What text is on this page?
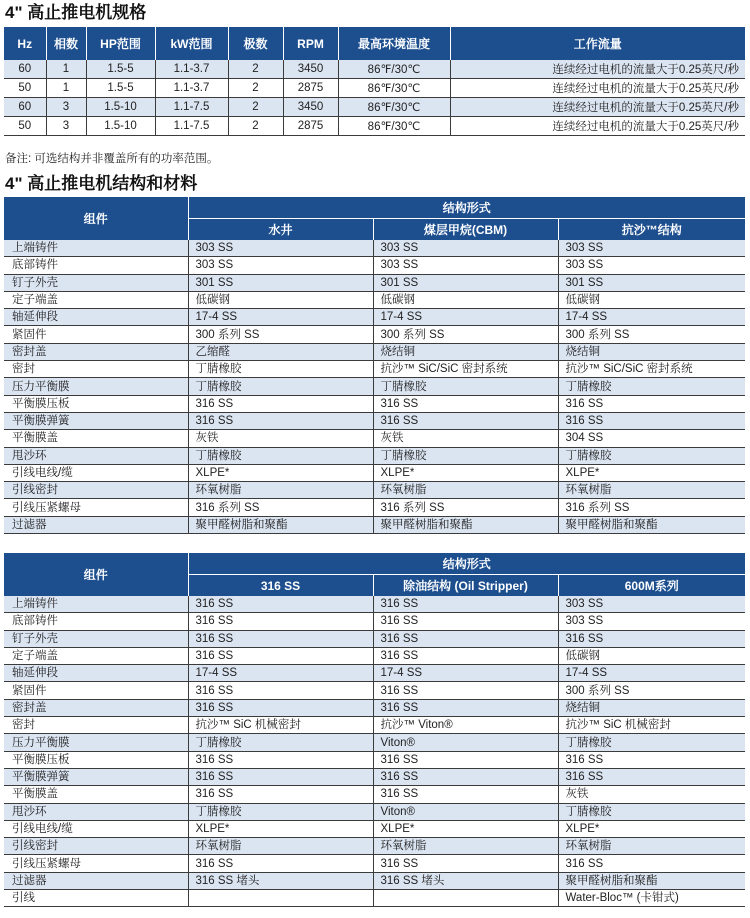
4" 高止推电机规格
Hz	相数	HP范围	kW范围	极数	RPM	最高环境温度	工作流量
60	1	1.5-5	1.1-3.7	2	3450	86℉/30℃	连续经过电机的流量大于0.25英尺/秒
50	1	1.5-5	1.1-3.7	2	2875	86℉/30℃	连续经过电机的流量大于0.25英尺/秒
60	3	1.5-10	1.1-7.5	2	3450	86℉/30℃	连续经过电机的流量大于0.25英尺/秒
50	3	1.5-10	1.1-7.5	2	2875	86℉/30℃	连续经过电机的流量大于0.25英尺/秒

备注: 可选结构并非覆盖所有的功率范围。

4" 高止推电机结构和材料
组件	结构形式		
	水井	煤层甲烷(CBM)	抗沙™结构
上端铸件	303 SS	303 SS	303 SS
底部铸件	303 SS	303 SS	303 SS
钉子外壳	301 SS	301 SS	301 SS
定子端盖	低碳钢	低碳钢	低碳钢
轴延伸段	17-4 SS	17-4 SS	17-4 SS
紧固件	300 系列 SS	300 系列 SS	300 系列 SS
密封盖	乙缩醛	烧结铜	烧结铜
密封	丁腈橡胶	抗沙™ SiC/SiC 密封系统	抗沙™ SiC/SiC 密封系统
压力平衡膜	丁腈橡胶	丁腈橡胶	丁腈橡胶
平衡膜压板	316 SS	316 SS	316 SS
平衡膜弹簧	316 SS	316 SS	316 SS
平衡膜盖	灰铁	灰铁	304 SS
甩沙环	丁腈橡胶	丁腈橡胶	丁腈橡胶
引线电线/缆	XLPE*	XLPE*	XLPE*
引线密封	环氧树脂	环氧树脂	环氧树脂
引线压紧螺母	316 系列 SS	316 系列 SS	316 系列 SS
过滤器	聚甲醛树脂和聚酯	聚甲醛树脂和聚酯	聚甲醛树脂和聚酯
组件	结构形式		
	316 SS	除油结构 (Oil Stripper)	600M系列
上端铸件	316 SS	316 SS	303 SS
底部铸件	316 SS	316 SS	303 SS
钉子外壳	316 SS	316 SS	316 SS
定子端盖	316 SS	316 SS	低碳钢
轴延伸段	17-4 SS	17-4 SS	17-4 SS
紧固件	316 SS	316 SS	300 系列 SS
密封盖	316 SS	316 SS	烧结铜
密封	抗沙™ SiC 机械密封	抗沙™ Viton®	抗沙™ SiC 机械密封
压力平衡膜	丁腈橡胶	Viton®	丁腈橡胶
平衡膜压板	316 SS	316 SS	316 SS
平衡膜弹簧	316 SS	316 SS	316 SS
平衡膜盖	316 SS	316 SS	灰铁
甩沙环	丁腈橡胶	Viton®	丁腈橡胶
引线电线/缆	XLPE*	XLPE*	XLPE*
引线密封	环氧树脂	环氧树脂	环氧树脂
引线压紧螺母	316 SS	316 SS	316 SS
过滤器	316 SS 堵头	316 SS 堵头	聚甲醛树脂和聚酯
引线			Water-Bloc™ (卡钳式)
